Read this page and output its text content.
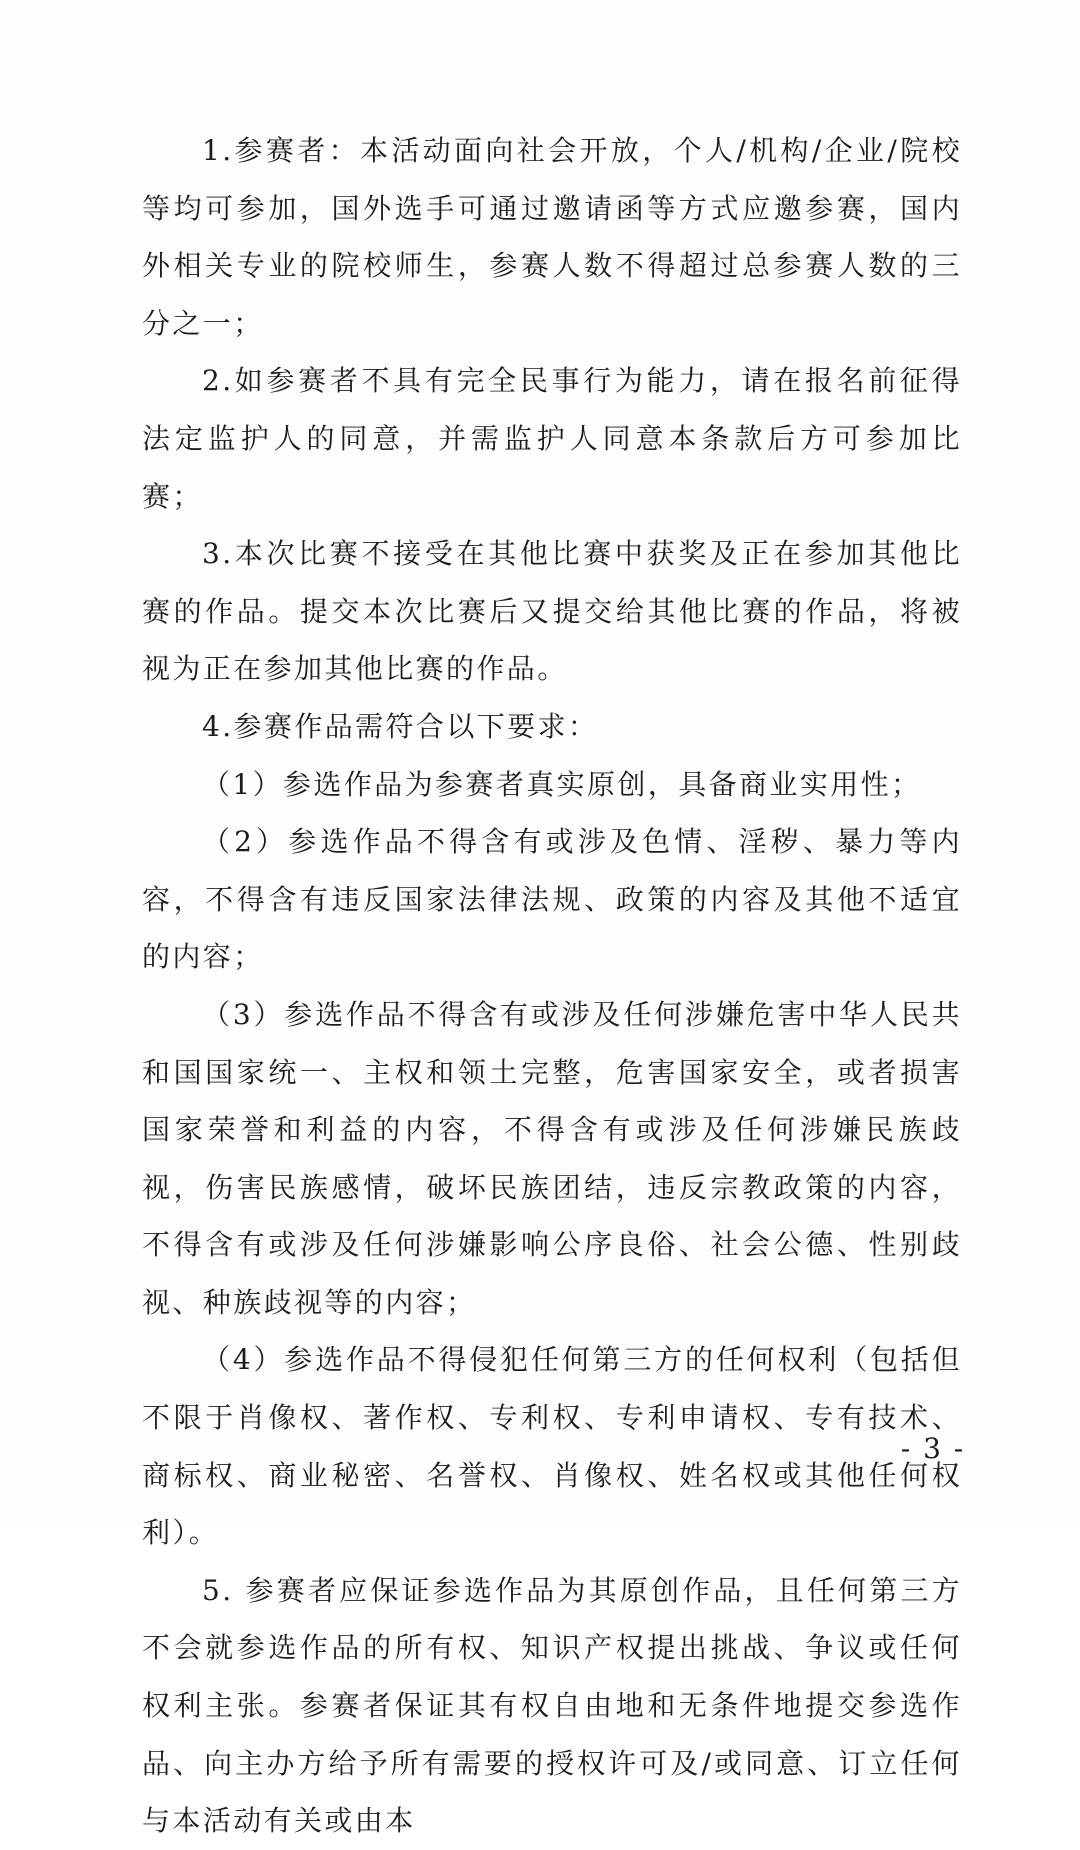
1.参赛者：本活动面向社会开放，个人/机构/企业/院校等均可参加，国外选手可通过邀请函等方式应邀参赛，国内外相关专业的院校师生，参赛人数不得超过总参赛人数的三分之一；

2.如参赛者不具有完全民事行为能力，请在报名前征得法定监护人的同意，并需监护人同意本条款后方可参加比赛；

3.本次比赛不接受在其他比赛中获奖及正在参加其他比赛的作品。提交本次比赛后又提交给其他比赛的作品，将被视为正在参加其他比赛的作品。

4.参赛作品需符合以下要求：

（1）参选作品为参赛者真实原创，具备商业实用性；

（2）参选作品不得含有或涉及色情、淫秽、暴力等内容，不得含有违反国家法律法规、政策的内容及其他不适宜的内容；

（3）参选作品不得含有或涉及任何涉嫌危害中华人民共和国国家统一、主权和领土完整，危害国家安全，或者损害国家荣誉和利益的内容，不得含有或涉及任何涉嫌民族歧视，伤害民族感情，破坏民族团结，违反宗教政策的内容，不得含有或涉及任何涉嫌影响公序良俗、社会公德、性别歧视、种族歧视等的内容；

（4）参选作品不得侵犯任何第三方的任何权利（包括但不限于肖像权、著作权、专利权、专利申请权、专有技术、商标权、商业秘密、名誉权、肖像权、姓名权或其他任何权利）。

5. 参赛者应保证参选作品为其原创作品，且任何第三方不会就参选作品的所有权、知识产权提出挑战、争议或任何权利主张。参赛者保证其有权自由地和无条件地提交参选作品、向主办方给予所有需要的授权许可及/或同意、订立任何与本活动有关或由本

- 3 -
